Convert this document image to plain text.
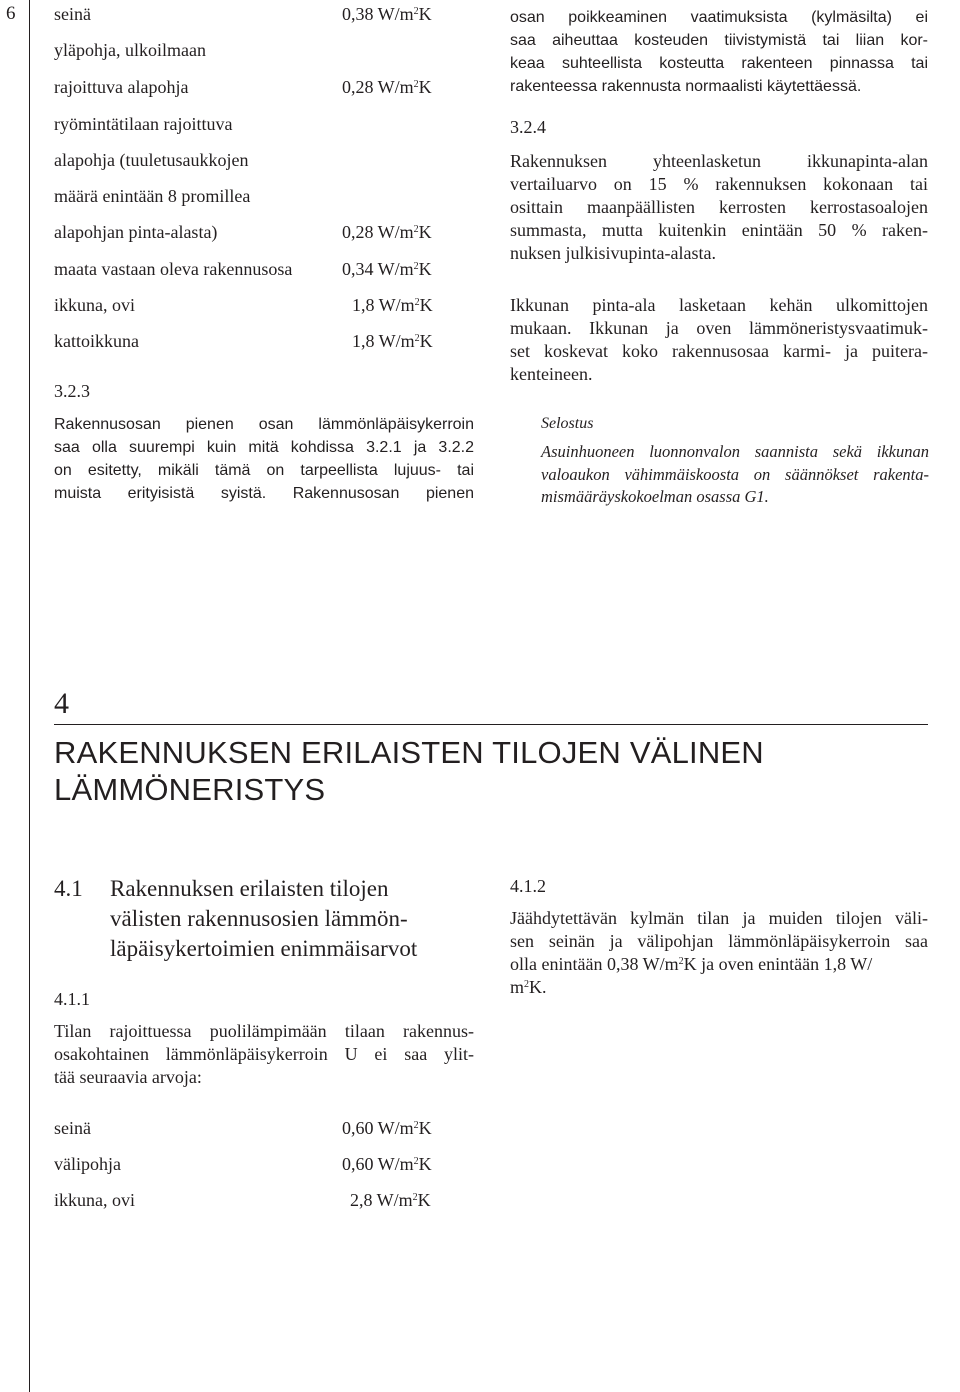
6 seinä	0,38 $W/m^2K$
yläpohja, ulkoilmaan
rajoittuva alapohja	0,28 $W/m^2K$
ryömintätilaan rajoittuva
alapohja (tuuletusaukkojen
määrä enintään 8 promillea
alapohjan pinta-alasta)	0,28 $W/m^2K$
maata vastaan oleva rakennusosa	0,34 $W/m^2K$
ikkuna, ovi	1,8 $W/m^2K$
kattoikkuna	1,8 $W/m^2K$
3.2.3
Rakennusosan pienen osan lämmönläpäisykerroin
saa olla suurempi kuin mitä kohdissa 3.2.1 ja 3.2.2
on esitetty, mikäli tämä on tarpeellista lujuus- tai
muista erityisistä syistä. Rakennusosan pienen
osan poikkeaminen vaatimuksista (kylmäsilta) ei
saa aiheuttaa kosteuden tiivistymistä tai liian kor-
keaa suhteellista kosteutta rakenteen pinnassa tai
rakenteessa rakennusta normaalisti käytettäessä.
3.2.4
Rakennuksen yhteenlasketun ikkunapinta-alan
vertailuarvo on 15 % rakennuksen kokonaan tai
osittain maanpäällisten kerrosten kerrostasoalojen
summasta, mutta kuitenkin enintään 50 % raken-
nuksen julkisivupinta-alasta.
Ikkunan pinta-ala lasketaan kehän ulkomittojen
mukaan. Ikkunan ja oven lämmöneristysvaatimuk-
set koskevat koko rakennusosaa karmi- ja puitera-
kenteineen.
Selostus
Asuinhuoneen luonnonvalon saannista sekä ikkunan
valoaukon vähimmäiskoosta on säännökset rakenta-
mismääräyskokoelman osassa G1.
4
RAKENNUKSEN ERILAISTEN TILOJEN VÄLINEN
LÄMMÖNERISTYS
4.1 Rakennuksen erilaisten tilojen
välisten rakennusosien lämmön-
läpäisykertoimien enimmäisarvot
4.1.1
Tilan rajoittuessa puolilämpimään tilaan rakennus-
osakohtainen lämmönläpäisykerroin U ei saa ylit-
tää seuraavia arvoja:
seinä	0,60 $W/m^2K$
välipohja	0,60 $W/m^2K$
ikkuna, ovi	2,8 $W/m^2K$
4.1.2
Jäähdytettävän kylmän tilan ja muiden tilojen väli-
sen seinän ja välipohjan lämmönläpäisykerroin saa
olla enintään 0,38 $W/m^2K$ ja oven enintään 1,8 W/
$m^2K$.
